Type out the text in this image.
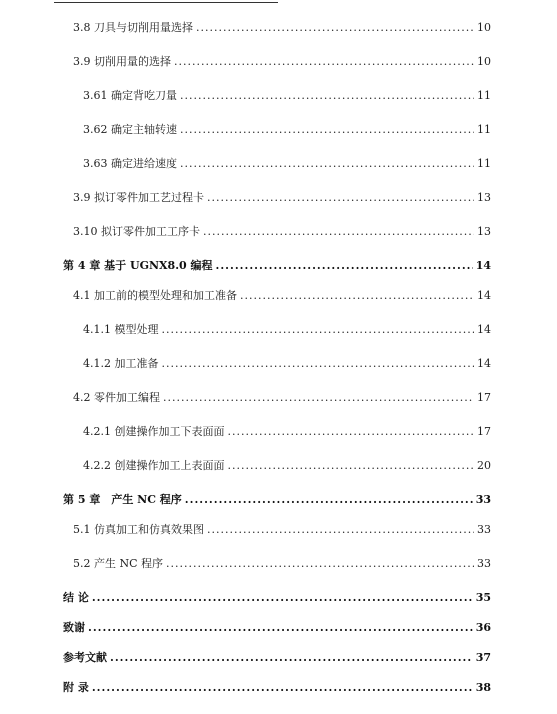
3.8 刀具与切削用量选择 .....	10
3.9 切削用量的选择 .....	10
3.61 确定背吃刀量 .....	11
3.62 确定主轴转速 .....	11
3.63 确定进给速度 .....	11
3.9 拟订零件加工艺过程卡 .....	13
3.10 拟订零件加工工序卡 .....	13
第 4 章 基于 UGNX8.0 编程 .....	14
4.1 加工前的模型处理和加工准备 .....	14
4.1.1 模型处理 .....	14
4.1.2 加工准备 .....	14
4.2 零件加工编程 .....	17
4.2.1 创建操作加工下表面面 .....	17
4.2.2 创建操作加工上表面面 .....	20
第 5 章　产生 NC 程序 .....	33
5.1 仿真加工和仿真效果图 .....	33
5.2 产生 NC 程序 .....	33
结 论 .....	35
致谢 .....	36
参考文献 .....	37
附 录 .....	38
